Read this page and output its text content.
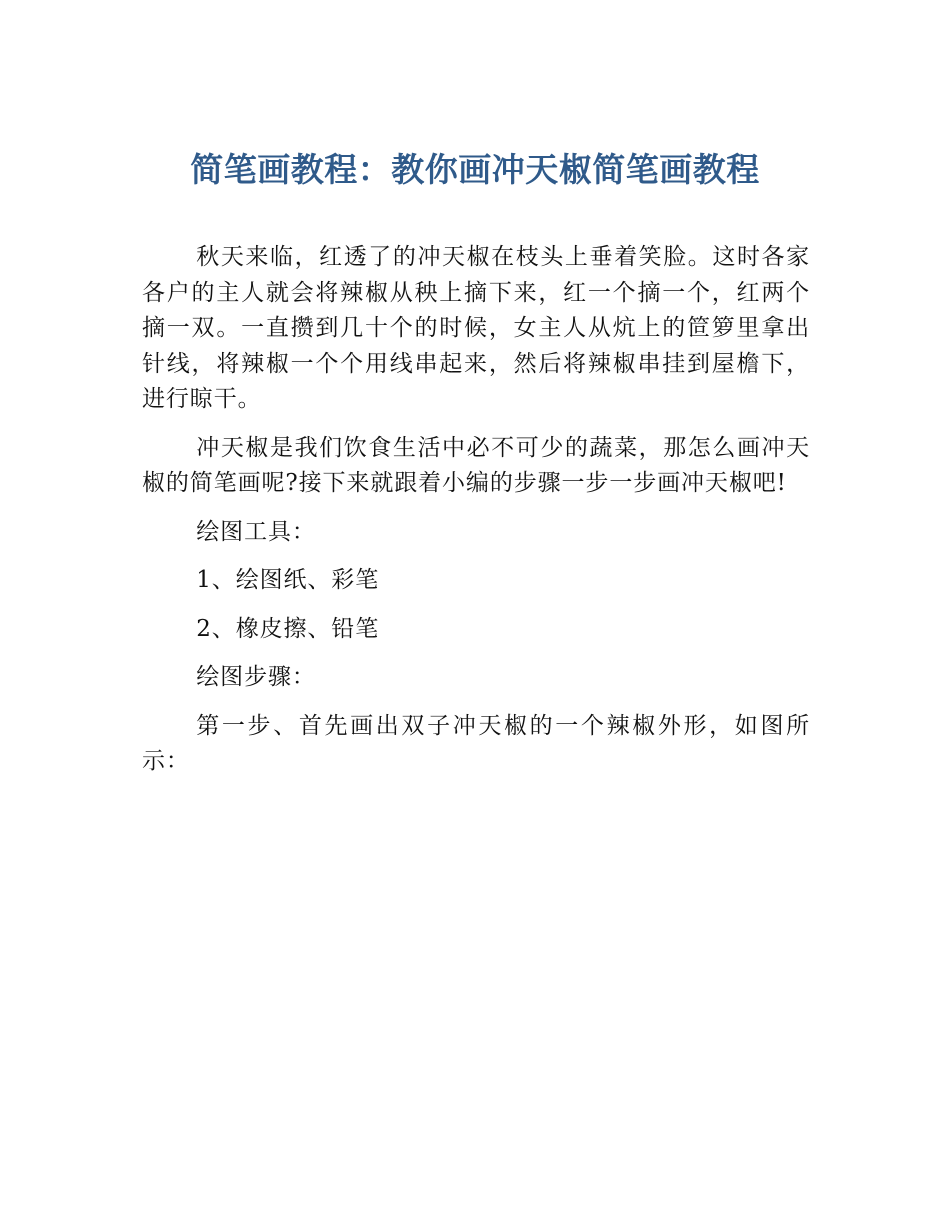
简笔画教程：教你画冲天椒简笔画教程

秋天来临，红透了的冲天椒在枝头上垂着笑脸。这时各家各户的主人就会将辣椒从秧上摘下来，红一个摘一个，红两个摘一双。一直攒到几十个的时候，女主人从炕上的笸箩里拿出针线，将辣椒一个个用线串起来，然后将辣椒串挂到屋檐下，进行晾干。

冲天椒是我们饮食生活中必不可少的蔬菜，那怎么画冲天椒的简笔画呢?接下来就跟着小编的步骤一步一步画冲天椒吧!

绘图工具：

1、绘图纸、彩笔

2、橡皮擦、铅笔

绘图步骤：

第一步、首先画出双子冲天椒的一个辣椒外形，如图所示：
